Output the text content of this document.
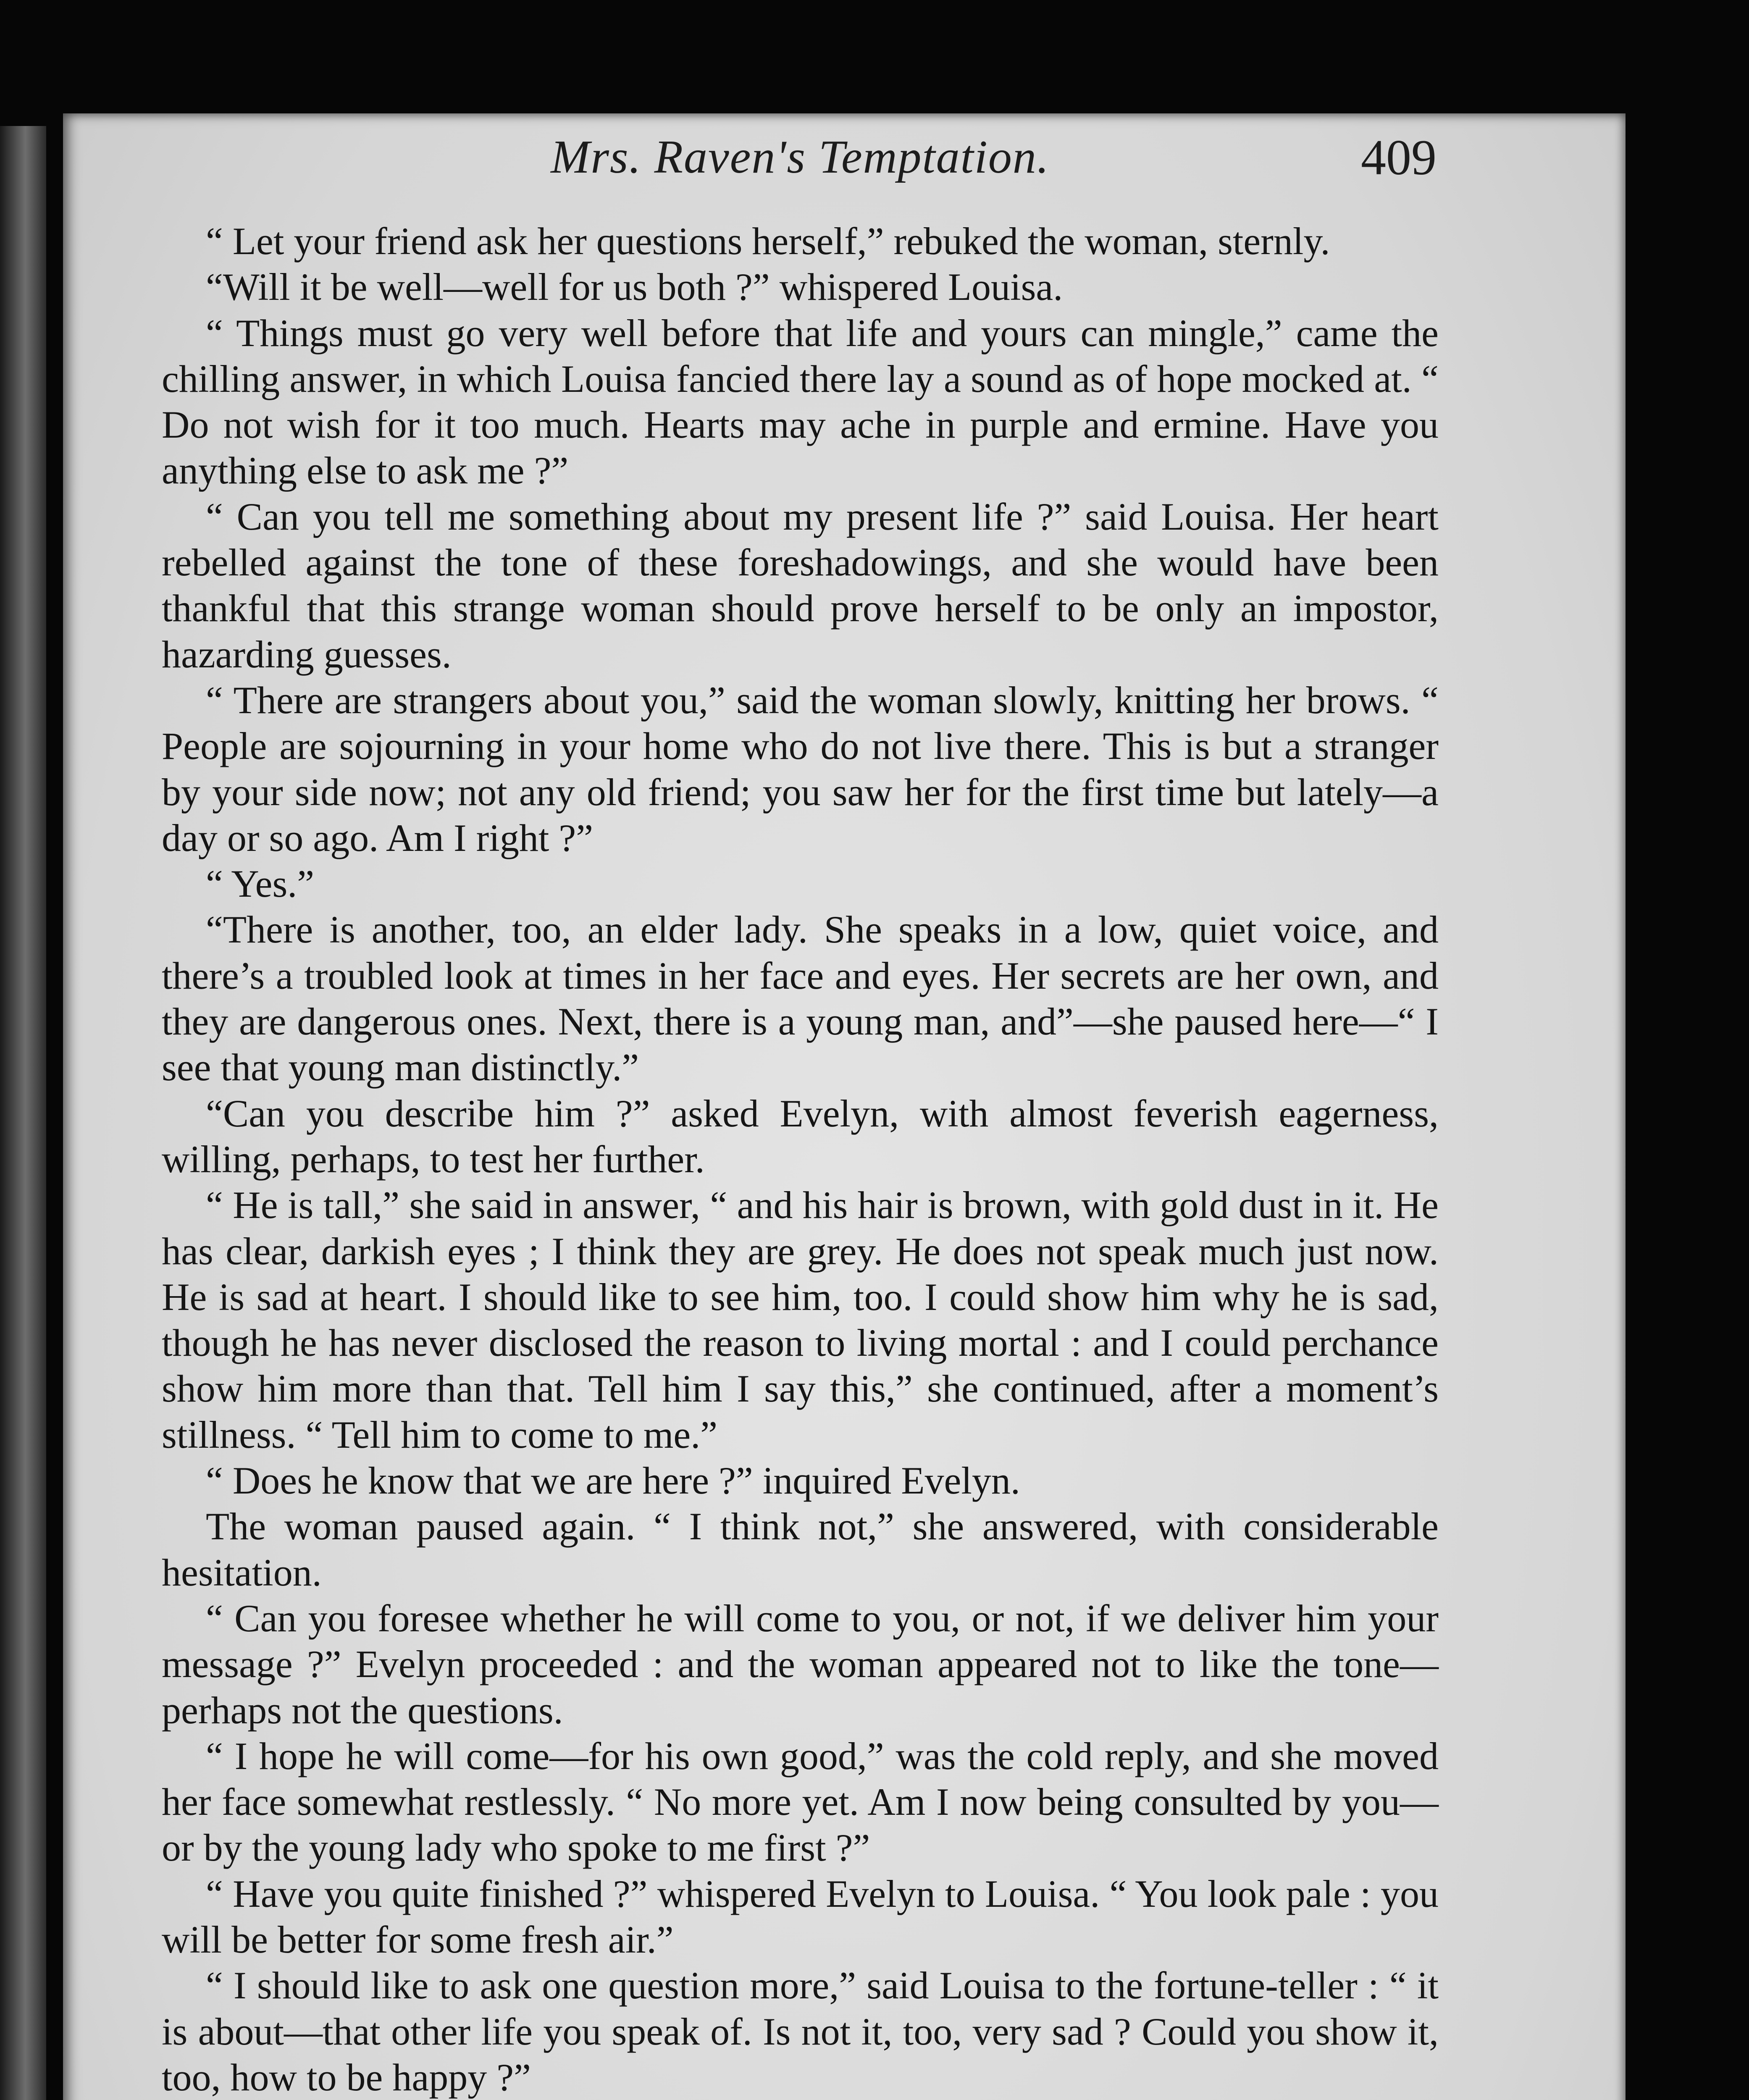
Mrs. Raven's Temptation.	409

“ Let your friend ask her questions herself,” rebuked the woman, sternly.

“Will it be well—well for us both ?” whispered Louisa.

“ Things must go very well before that life and yours can mingle,” came the chilling answer, in which Louisa fancied there lay a sound as of hope mocked at. “ Do not wish for it too much. Hearts may ache in purple and ermine. Have you anything else to ask me ?”

“ Can you tell me something about my present life ?” said Louisa. Her heart rebelled against the tone of these foreshadowings, and she would have been thankful that this strange woman should prove herself to be only an impostor, hazarding guesses.

“ There are strangers about you,” said the woman slowly, knitting her brows. “ People are sojourning in your home who do not live there. This is but a stranger by your side now; not any old friend; you saw her for the first time but lately—a day or so ago. Am I right ?”

“ Yes.”

“There is another, too, an elder lady. She speaks in a low, quiet voice, and there’s a troubled look at times in her face and eyes. Her secrets are her own, and they are dangerous ones. Next, there is a young man, and”—she paused here—“ I see that young man distinctly.”

“Can you describe him ?” asked Evelyn, with almost feverish eagerness, willing, perhaps, to test her further.

“ He is tall,” she said in answer, “ and his hair is brown, with gold dust in it. He has clear, darkish eyes ; I think they are grey. He does not speak much just now. He is sad at heart. I should like to see him, too. I could show him why he is sad, though he has never disclosed the reason to living mortal : and I could perchance show him more than that. Tell him I say this,” she continued, after a moment’s stillness. “ Tell him to come to me.”

“ Does he know that we are here ?” inquired Evelyn.

The woman paused again. “ I think not,” she answered, with considerable hesitation.

“ Can you foresee whether he will come to you, or not, if we deliver him your message ?” Evelyn proceeded : and the woman appeared not to like the tone—perhaps not the questions.

“ I hope he will come—for his own good,” was the cold reply, and she moved her face somewhat restlessly. “ No more yet. Am I now being consulted by you—or by the young lady who spoke to me first ?”

“ Have you quite finished ?” whispered Evelyn to Louisa. “ You look pale : you will be better for some fresh air.”

“ I should like to ask one question more,” said Louisa to the fortune-teller : “ it is about—that other life you speak of. Is not it, too, very sad ? Could you show it, too, how to be happy ?”
